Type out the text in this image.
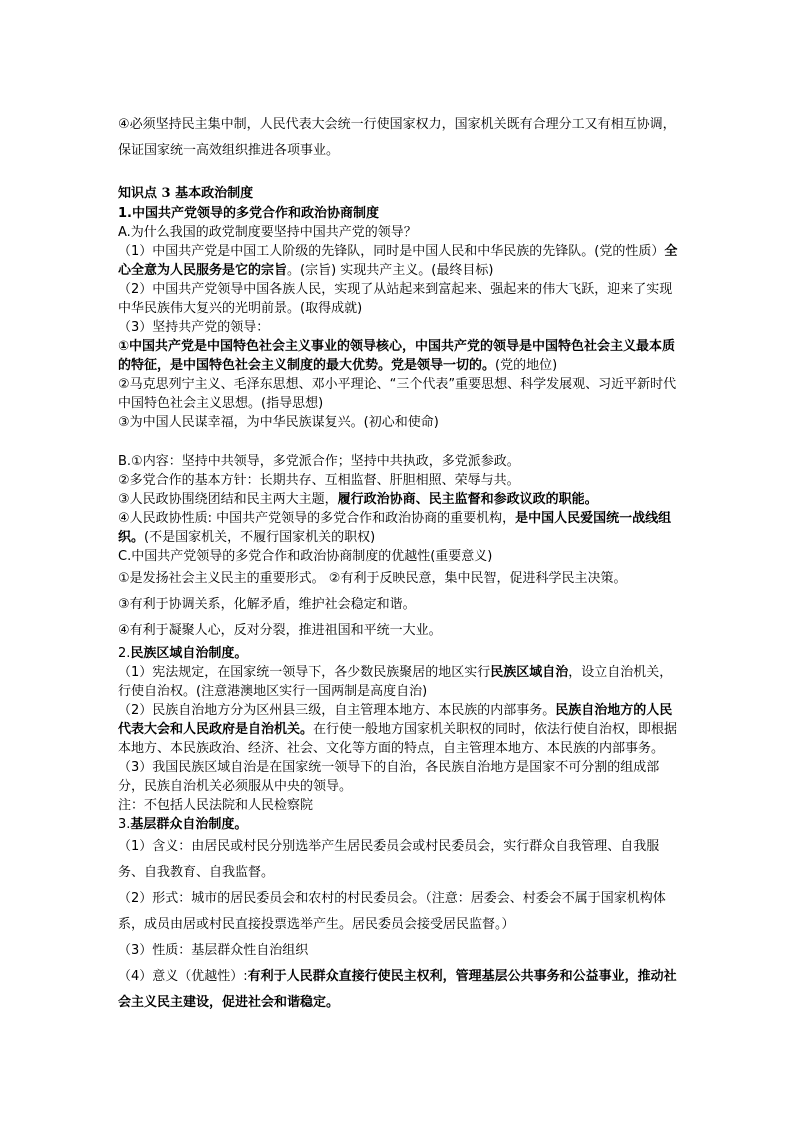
④必须坚持民主集中制，人民代表大会统一行使国家权力，国家机关既有合理分工又有相互协调，保证国家统一高效组织推进各项事业。

知识点 3 基本政治制度

1.中国共产党领导的多党合作和政治协商制度

A.为什么我国的政党制度要坚持中国共产党的领导？

（1）中国共产党是中国工人阶级的先锋队，同时是中国人民和中华民族的先锋队。(党的性质）全心全意为人民服务是它的宗旨。(宗旨) 实现共产主义。(最终目标)

（2）中国共产党领导中国各族人民，实现了从站起来到富起来、强起来的伟大飞跃，迎来了实现中华民族伟大复兴的光明前景。(取得成就)

（3）坚持共产党的领导：

①中国共产党是中国特色社会主义事业的领导核心，中国共产党的领导是中国特色社会主义最本质的特征，是中国特色社会主义制度的最大优势。党是领导一切的。(党的地位)

②马克思列宁主义、毛泽东思想、邓小平理论、“三个代表”重要思想、科学发展观、习近平新时代中国特色社会主义思想。(指导思想)

③为中国人民谋幸福，为中华民族谋复兴。(初心和使命)

B.①内容：坚持中共领导，多党派合作；坚持中共执政，多党派参政。

②多党合作的基本方针：长期共存、互相监督、肝胆相照、荣辱与共。

③人民政协围绕团结和民主两大主题，履行政治协商、民主监督和参政议政的职能。

④人民政协性质: 中国共产党领导的多党合作和政治协商的重要机构，是中国人民爱国统一战线组织。(不是国家机关，不履行国家机关的职权)

C.中国共产党领导的多党合作和政治协商制度的优越性(重要意义)

①是发扬社会主义民主的重要形式。 ②有利于反映民意，集中民智，促进科学民主决策。

③有利于协调关系，化解矛盾，维护社会稳定和谐。

④有利于凝聚人心，反对分裂，推进祖国和平统一大业。

2.民族区域自治制度。

（1）宪法规定，在国家统一领导下，各少数民族聚居的地区实行民族区域自治，设立自治机关，行使自治权。(注意港澳地区实行一国两制是高度自治)

（2）民族自治地方分为区州县三级，自主管理本地方、本民族的内部事务。民族自治地方的人民代表大会和人民政府是自治机关。在行使一般地方国家机关职权的同时，依法行使自治权，即根据本地方、本民族政治、经济、社会、文化等方面的特点，自主管理本地方、本民族的内部事务。

（3）我国民族区域自治是在国家统一领导下的自治，各民族自治地方是国家不可分割的组成部分，民族自治机关必须服从中央的领导。

注：不包括人民法院和人民检察院

3.基层群众自治制度。

（1）含义：由居民或村民分别选举产生居民委员会或村民委员会，实行群众自我管理、自我服务、自我教育、自我监督。

（2）形式：城市的居民委员会和农村的村民委员会。（注意：居委会、村委会不属于国家机构体系，成员由居或村民直接投票选举产生。居民委员会接受居民监督。）

（3）性质：基层群众性自治组织

（4）意义（优越性）:有利于人民群众直接行使民主权利，管理基层公共事务和公益事业，推动社会主义民主建设，促进社会和谐稳定。
